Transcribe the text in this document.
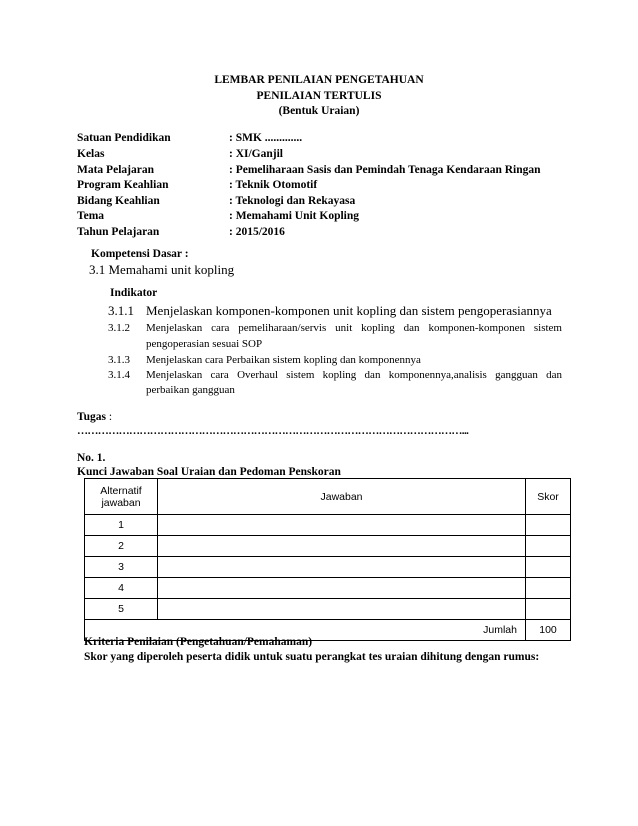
LEMBAR PENILAIAN PENGETAHUAN
PENILAIAN TERTULIS
(Bentuk Uraian)
Satuan Pendidikan	: SMK .............
Kelas	: XI/Ganjil
Mata Pelajaran	: Pemeliharaan Sasis dan Pemindah Tenaga Kendaraan Ringan
Program Keahlian	: Teknik Otomotif
Bidang Keahlian	: Teknologi dan Rekayasa
Tema	: Memahami Unit Kopling
Tahun Pelajaran	: 2015/2016
Kompetensi Dasar :
3.1 Memahami unit kopling
Indikator
3.1.1 Menjelaskan komponen-komponen unit kopling dan sistem pengoperasiannya
3.1.2	Menjelaskan cara pemeliharaan/servis unit kopling dan komponen-komponen sistem
pengoperasian sesuai SOP
3.1.3 Menjelaskan cara Perbaikan sistem kopling dan komponennya
3.1.4	Menjelaskan cara Overhaul sistem kopling dan komponennya,analisis gangguan dan
perbaikan gangguan
Tugas :
…………………………………………………………………………………………………...
No. 1.
Kunci Jawaban Soal Uraian dan Pedoman Penskoran
Alternatif
jawaban	Jawaban	Skor
1		
2		
3		
4		
5		
Jumlah		100
Kriteria Penilaian (Pengetahuan/Pemahaman)
Skor yang diperoleh peserta didik untuk suatu perangkat tes uraian dihitung dengan rumus:
